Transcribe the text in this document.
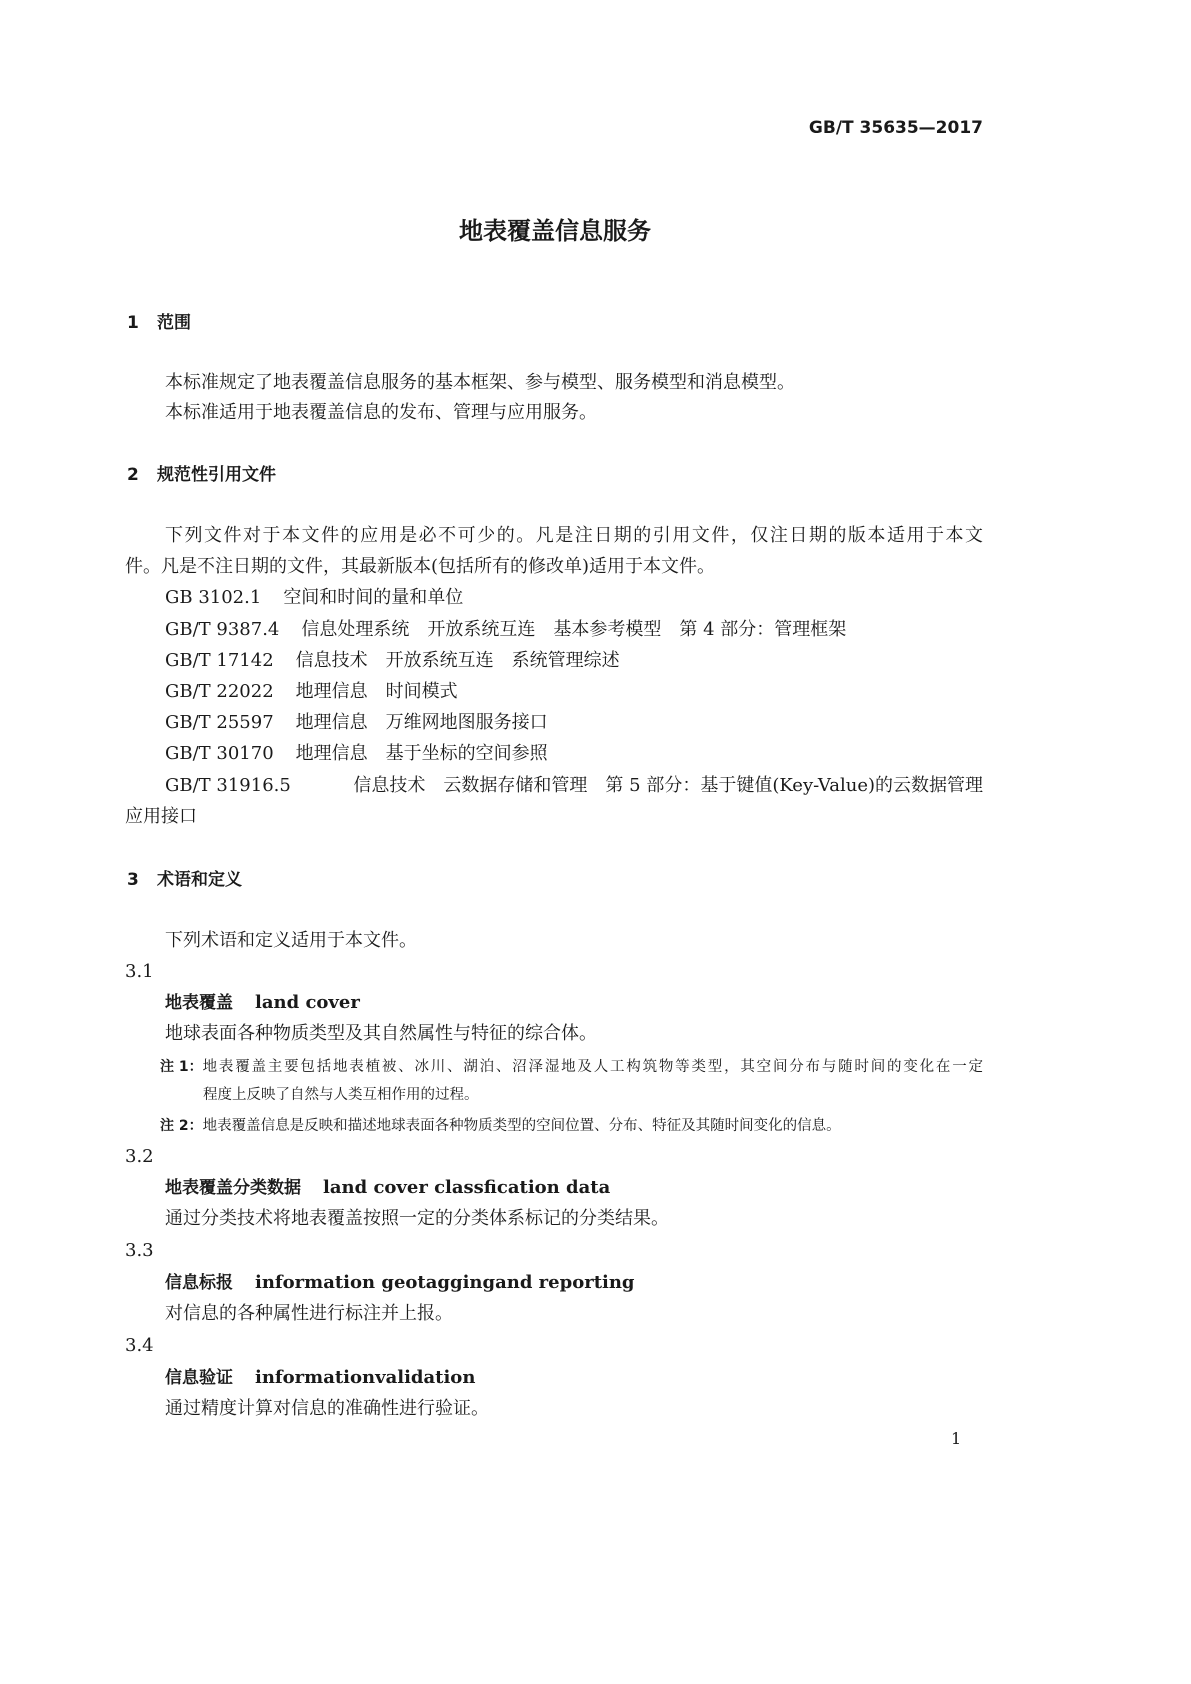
GB/T 35635—2017
地表覆盖信息服务
1 范围
本标准规定了地表覆盖信息服务的基本框架、参与模型、服务模型和消息模型。
本标准适用于地表覆盖信息的发布、管理与应用服务。
2 规范性引用文件
下列文件对于本文件的应用是必不可少的。凡是注日期的引用文件，仅注日期的版本适用于本文
件。凡是不注日期的文件，其最新版本(包括所有的修改单)适用于本文件。
GB 3102.1 空间和时间的量和单位
GB/T 9387.4 信息处理系统　开放系统互连　基本参考模型　第 4 部分：管理框架
GB/T 17142 信息技术　开放系统互连　系统管理综述
GB/T 22022 地理信息　时间模式
GB/T 25597 地理信息　万维网地图服务接口
GB/T 30170 地理信息　基于坐标的空间参照
GB/T 31916.5	信息技术　云数据存储和管理　第 5 部分：基于键值(Key-Value)的云数据管理
应用接口
3 术语和定义
下列术语和定义适用于本文件。
3.1
地表覆盖 land cover
地球表面各种物质类型及其自然属性与特征的综合体。
注 1： 地表覆盖主要包括地表植被、冰川、湖泊、沼泽湿地及人工构筑物等类型，其空间分布与随时间的变化在一定
程度上反映了自然与人类互相作用的过程。
注 2：地表覆盖信息是反映和描述地球表面各种物质类型的空间位置、分布、特征及其随时间变化的信息。
3.2
地表覆盖分类数据 land cover classfication data
通过分类技术将地表覆盖按照一定的分类体系标记的分类结果。
3.3
信息标报 information geotaggingand reporting
对信息的各种属性进行标注并上报。
3.4
信息验证 informationvalidation
通过精度计算对信息的准确性进行验证。
1
